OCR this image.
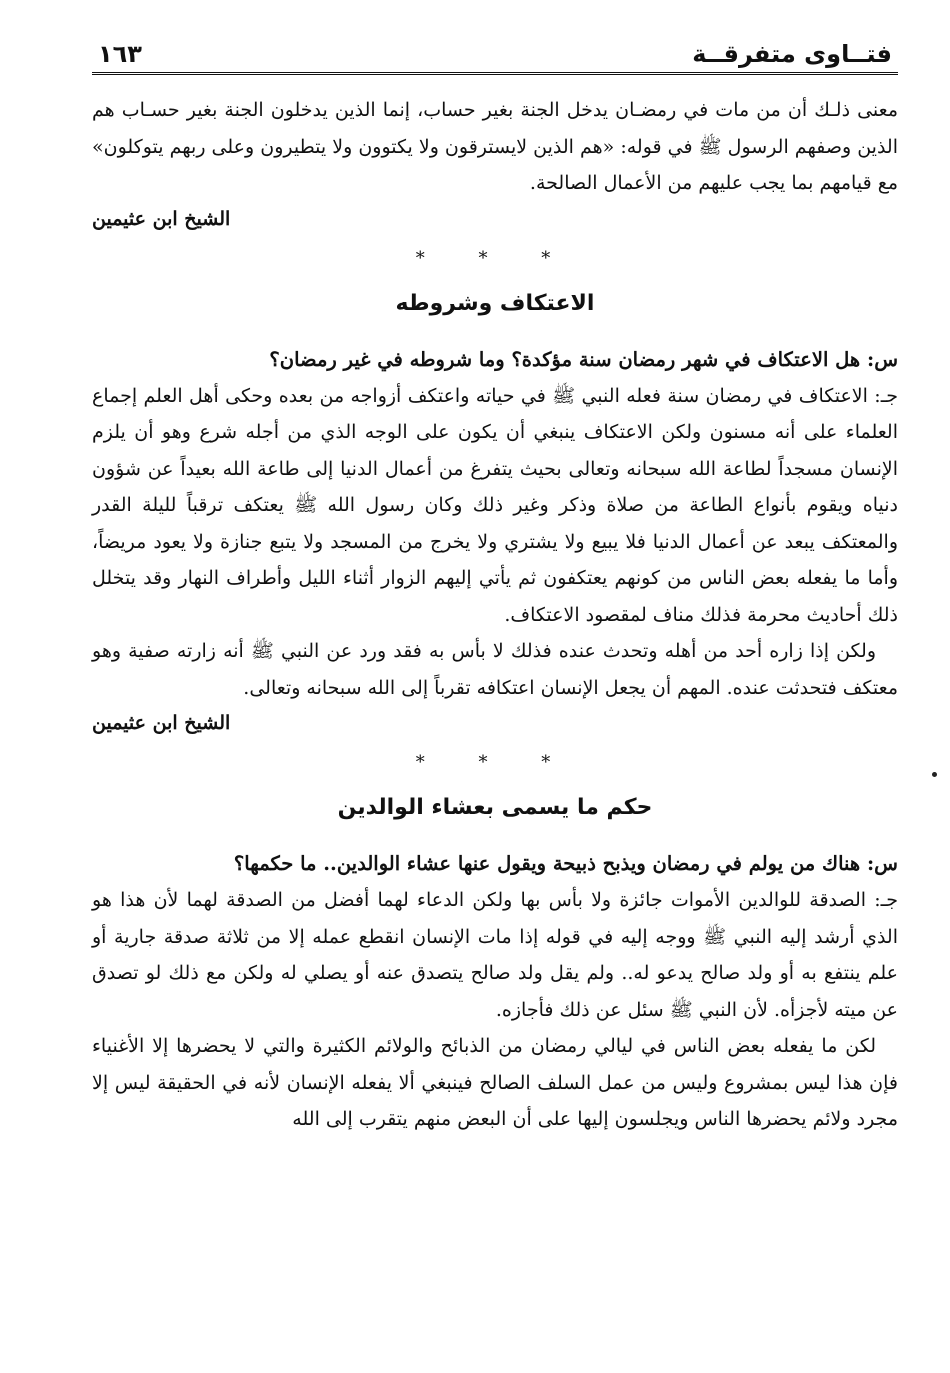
فتــاوى متفرقــة
١٦٣

معنى ذلـك أن من مات في رمضـان يدخل الجنة بغير حساب، إنما الذين يدخلون الجنة بغير حسـاب هم الذين وصفهم الرسول ﷺ في قوله: «هم الذين لايسترقون ولا يكتوون ولا يتطيرون وعلى ربهم يتوكلون» مع قيامهم بما يجب عليهم من الأعمال الصالحة.

الشيخ ابن عثيمين
* * *
الاعتكاف وشروطه

س: هل الاعتكاف في شهر رمضان سنة مؤكدة؟ وما شروطه في غير رمضان؟

جـ: الاعتكاف في رمضان سنة فعله النبي ﷺ في حياته واعتكف أزواجه من بعده وحكى أهل العلم إجماع العلماء على أنه مسنون ولكن الاعتكاف ينبغي أن يكون على الوجه الذي من أجله شرع وهو أن يلزم الإنسان مسجداً لطاعة الله سبحانه وتعالى بحيث يتفرغ من أعمال الدنيا إلى طاعة الله بعيداً عن شؤون دنياه ويقوم بأنواع الطاعة من صلاة وذكر وغير ذلك وكان رسول الله ﷺ يعتكف ترقباً لليلة القدر والمعتكف يبعد عن أعمال الدنيا فلا يبيع ولا يشتري ولا يخرج من المسجد ولا يتبع جنازة ولا يعود مريضاً، وأما ما يفعله بعض الناس من كونهم يعتكفون ثم يأتي إليهم الزوار أثناء الليل وأطراف النهار وقد يتخلل ذلك أحاديث محرمة فذلك مناف لمقصود الاعتكاف.

ولكن إذا زاره أحد من أهله وتحدث عنده فذلك لا بأس به فقد ورد عن النبي ﷺ أنه زارته صفية وهو معتكف فتحدثت عنده. المهم أن يجعل الإنسان اعتكافه تقرباً إلى الله سبحانه وتعالى.

الشيخ ابن عثيمين
* * *
حكم ما يسمى بعشاء الوالدين

س: هناك من يولم في رمضان ويذبح ذبيحة ويقول عنها عشاء الوالدين.. ما حكمها؟

جـ: الصدقة للوالدين الأموات جائزة ولا بأس بها ولكن الدعاء لهما أفضل من الصدقة لهما لأن هذا هو الذي أرشد إليه النبي ﷺ ووجه إليه في قوله إذا مات الإنسان انقطع عمله إلا من ثلاثة صدقة جارية أو علم ينتفع به أو ولد صالح يدعو له.. ولم يقل ولد صالح يتصدق عنه أو يصلي له ولكن مع ذلك لو تصدق عن ميته لأجزأه. لأن النبي ﷺ سئل عن ذلك فأجازه.

لكن ما يفعله بعض الناس في ليالي رمضان من الذبائح والولائم الكثيرة والتي لا يحضرها إلا الأغنياء فإن هذا ليس بمشروع وليس من عمل السلف الصالح فينبغي ألا يفعله الإنسان لأنه في الحقيقة ليس إلا مجرد ولائم يحضرها الناس ويجلسون إليها على أن البعض منهم يتقرب إلى الله
